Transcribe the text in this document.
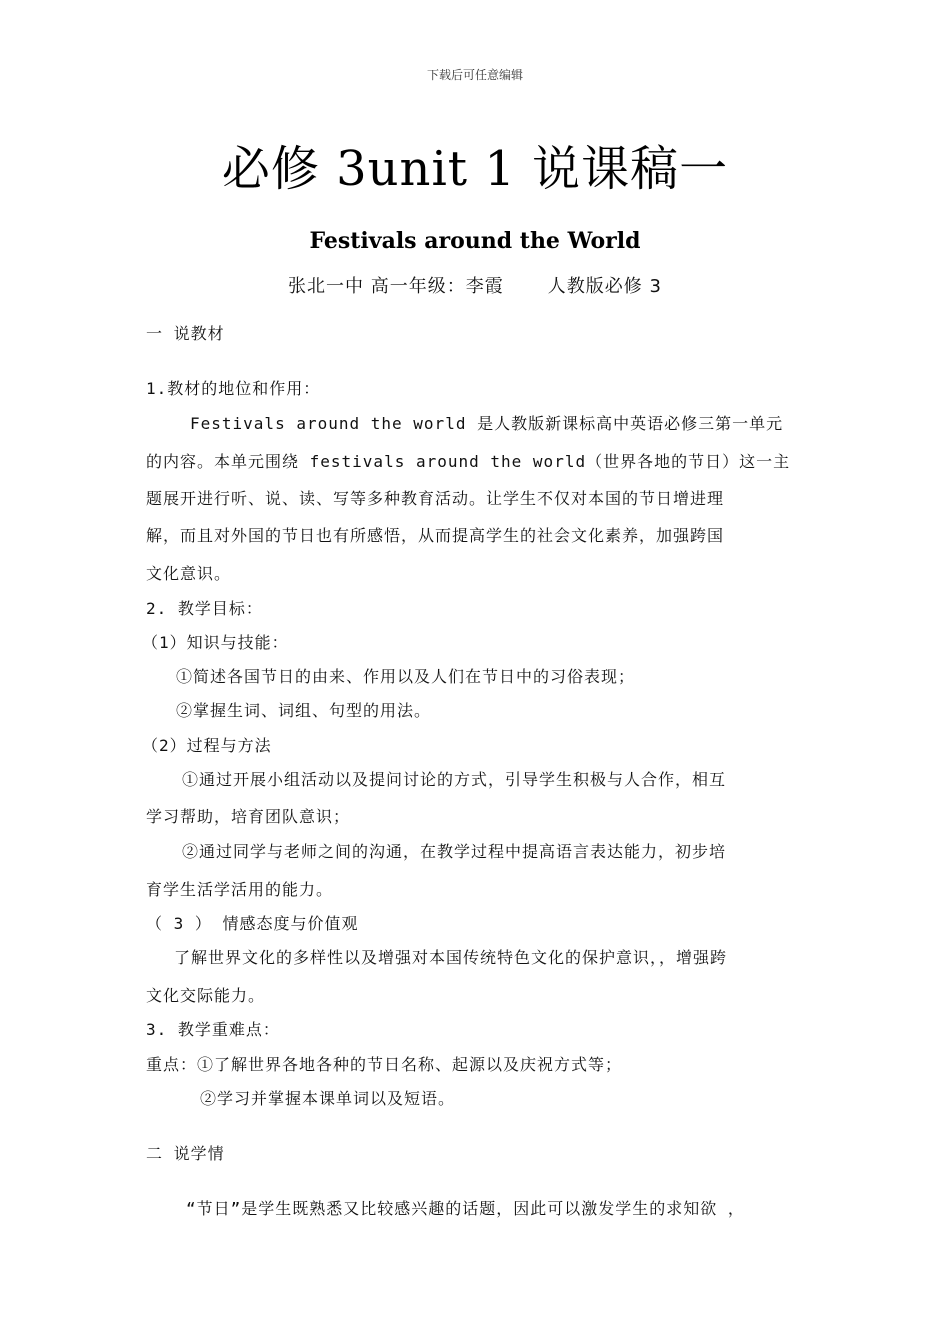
下载后可任意编辑
必修 3unit 1 说课稿一
Festivals around the World
张北一中 高一年级：李霞 人教版必修 3
一 说教材
1.教材的地位和作用：
Festivals around the world 是人教版新课标高中英语必修三第一单元
的内容。本单元围绕 festivals around the world（世界各地的节日）这一主
题展开进行听、说、读、写等多种教育活动。让学生不仅对本国的节日增进理
解，而且对外国的节日也有所感悟，从而提高学生的社会文化素养，加强跨国
文化意识。
2. 教学目标：
（1）知识与技能：
①简述各国节日的由来、作用以及人们在节日中的习俗表现；
②掌握生词、词组、句型的用法。
（2）过程与方法
①通过开展小组活动以及提问讨论的方式，引导学生积极与人合作，相互
学习帮助，培育团队意识；
②通过同学与老师之间的沟通，在教学过程中提高语言表达能力，初步培
育学生活学活用的能力。
（ 3 ） 情感态度与价值观
了解世界文化的多样性以及增强对本国传统特色文化的保护意识，，增强跨
文化交际能力。
3. 教学重难点：
重点：①了解世界各地各种的节日名称、起源以及庆祝方式等；
②学习并掌握本课单词以及短语。
二 说学情
“节日”是学生既熟悉又比较感兴趣的话题，因此可以激发学生的求知欲 ，
